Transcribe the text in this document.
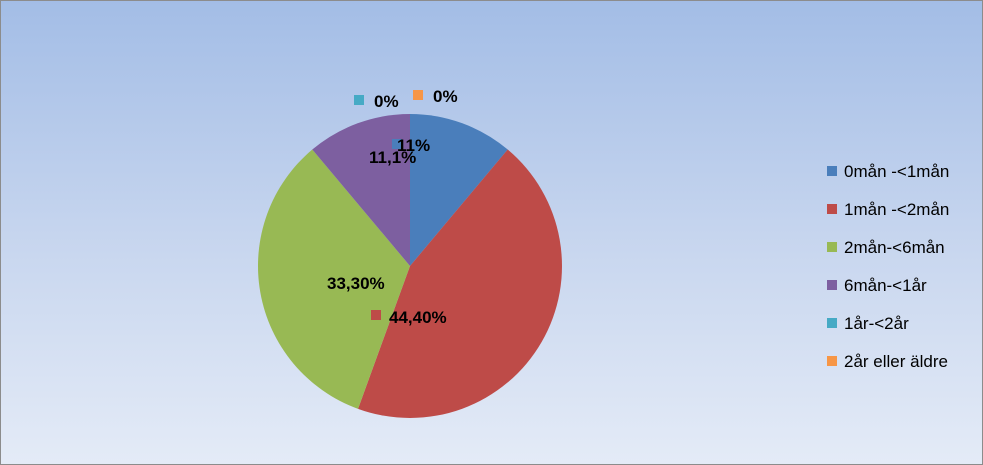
11%
44,40%
33,30%
11,1%
0% 0%
0mån -<1mån
1mån -<2mån
2mån-<6mån
6mån-<1år
1år-<2år
2år eller äldre
